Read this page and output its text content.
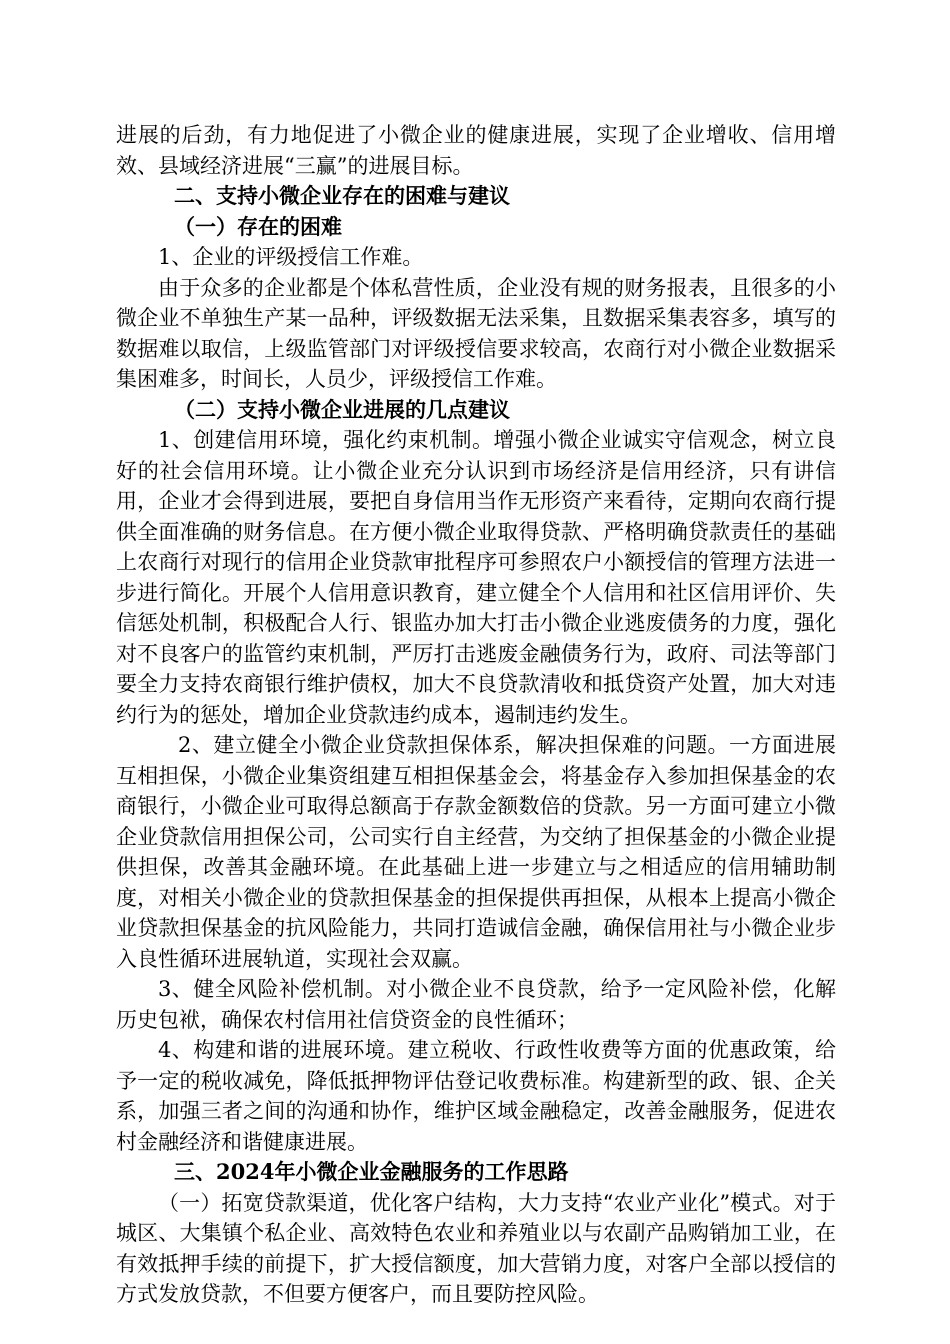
进展的后劲，有力地促进了小微企业的健康进展，实现了企业增收、信用增效、县域经济进展“三赢”的进展目标。

二、支持小微企业存在的困难与建议

（一）存在的困难

1、企业的评级授信工作难。

由于众多的企业都是个体私营性质，企业没有规的财务报表，且很多的小微企业不单独生产某一品种，评级数据无法采集，且数据采集表容多，填写的数据难以取信，上级监管部门对评级授信要求较高，农商行对小微企业数据采集困难多，时间长，人员少，评级授信工作难。

（二）支持小微企业进展的几点建议

1、创建信用环境，强化约束机制。增强小微企业诚实守信观念，树立良好的社会信用环境。让小微企业充分认识到市场经济是信用经济，只有讲信用，企业才会得到进展，要把自身信用当作无形资产来看待，定期向农商行提供全面准确的财务信息。在方便小微企业取得贷款、严格明确贷款责任的基础上农商行对现行的信用企业贷款审批程序可参照农户小额授信的管理方法进一步进行简化。开展个人信用意识教育，建立健全个人信用和社区信用评价、失信惩处机制，积极配合人行、银监办加大打击小微企业逃废债务的力度，强化对不良客户的监管约束机制，严厉打击逃废金融债务行为，政府、司法等部门要全力支持农商银行维护债权，加大不良贷款清收和抵贷资产处置，加大对违约行为的惩处，增加企业贷款违约成本，遏制违约发生。

2、建立健全小微企业贷款担保体系，解决担保难的问题。一方面进展互相担保，小微企业集资组建互相担保基金会，将基金存入参加担保基金的农商银行，小微企业可取得总额高于存款金额数倍的贷款。另一方面可建立小微企业贷款信用担保公司，公司实行自主经营，为交纳了担保基金的小微企业提供担保，改善其金融环境。在此基础上进一步建立与之相适应的信用辅助制度，对相关小微企业的贷款担保基金的担保提供再担保，从根本上提高小微企业贷款担保基金的抗风险能力，共同打造诚信金融，确保信用社与小微企业步入良性循环进展轨道，实现社会双赢。

3、健全风险补偿机制。对小微企业不良贷款，给予一定风险补偿，化解历史包袱，确保农村信用社信贷资金的良性循环；

4、构建和谐的进展环境。建立税收、行政性收费等方面的优惠政策，给予一定的税收减免，降低抵押物评估登记收费标准。构建新型的政、银、企关系，加强三者之间的沟通和协作，维护区域金融稳定，改善金融服务，促进农村金融经济和谐健康进展。

三、2024年小微企业金融服务的工作思路

（一）拓宽贷款渠道，优化客户结构，大力支持“农业产业化”模式。对于城区、大集镇个私企业、高效特色农业和养殖业以与农副产品购销加工业，在有效抵押手续的前提下，扩大授信额度，加大营销力度，对客户全部以授信的方式发放贷款，不但要方便客户，而且要防控风险。
